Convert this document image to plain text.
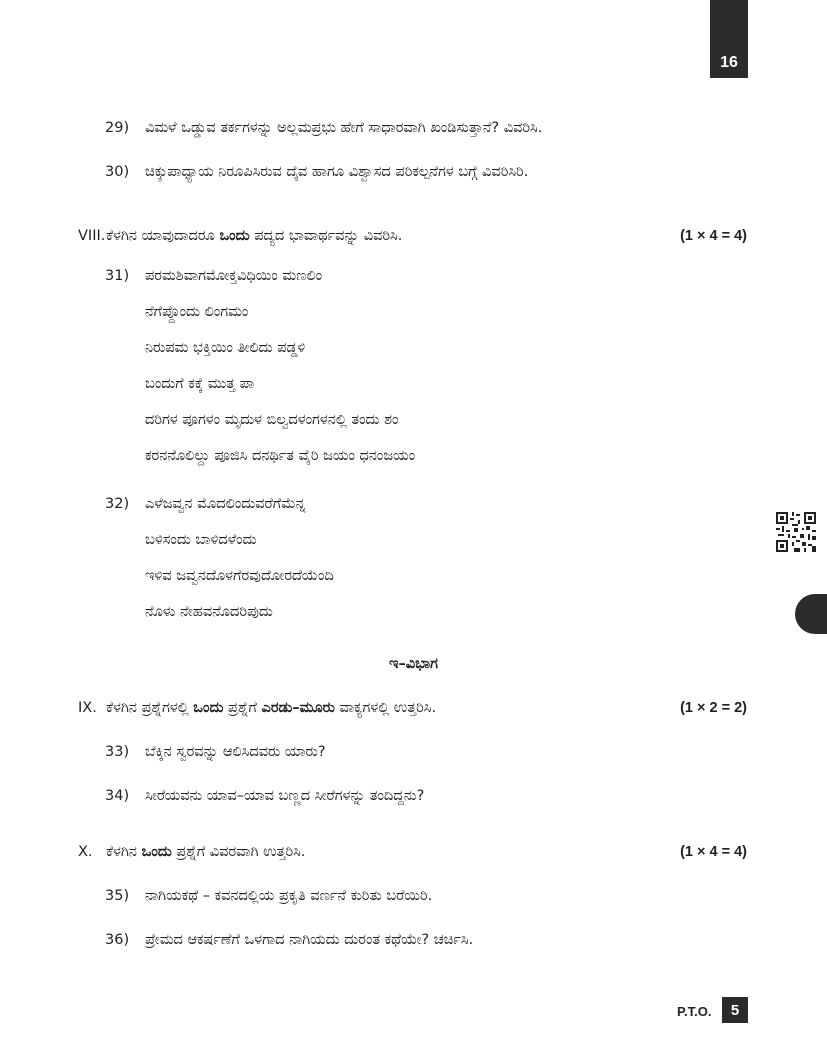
16
29) ವಿಮಳೆ ಒಡ್ಡುವ ತರ್ಕಗಳನ್ನು ಅಲ್ಲಮಪ್ರಭು ಹೇಗೆ ಸಾಧಾರವಾಗಿ ಖಂಡಿಸುತ್ತಾನೆ? ವಿವರಿಸಿ.
30) ಚಿಕ್ಕುಪಾಧ್ಯಾಯ ನಿರೂಪಿಸಿರುವ ದೈವ ಹಾಗೂ ವಿಶ್ವಾಸದ ಪರಿಕಲ್ಪನೆಗಳ ಬಗ್ಗೆ ವಿವರಿಸಿರಿ.
VIII. ಕೆಳಗಿನ ಯಾವುದಾದರೂ ಒಂದು ಪದ್ಯದ ಭಾವಾರ್ಥವನ್ನು ವಿವರಿಸಿ.	(1 × 4 = 4)
31) ಪರಮಶಿವಾಗಮೋಕ್ತವಿಧಿಯಿಂ ಮಣಲಿಂ
ನೆಗೆಪ್ದೊಂದು ಲಿಂಗಮಂ
ನಿರುಪಮ ಭಕ್ತಿಯಿಂ ತೀಲಿದು ಪಡ್ಡಳಿ
ಬಂದುಗೆ ಕಕ್ಕೆ ಮುತ್ತ ಪಾ
ದರಿಗಳ ಪೂಗಳಂ ಮೃದುಳ ಬಿಲ್ವದಳಂಗಳನಲ್ಲಿ ತಂದು ಶಂ
ಕರನನೊಲಿಲ್ದು ಪೂಜಿಸಿ ದನರ್ಥಿತ ವೈರಿ ಜಯಂ ಧನಂಜಯಂ
32) ಎಳೆಜವ್ವನ ಮೊದಲಿಂದುವರೆಗೆಮೆನ್ನ
ಬಳಿಸಂದು ಬಾಳಿದಳೆಂದು
ಇಳಿವ ಜವ್ವನದೊಳಗೆರವುದೋರದೆಯೆಂದಿ
ನೊಳು ನೇಹವನೊದರಿಪುದು
ಇ–ವಿಭಾಗ
IX. ಕೆಳಗಿನ ಪ್ರಶ್ನೆಗಳಲ್ಲಿ ಒಂದು ಪ್ರಶ್ನೆಗೆ ಎರಡು–ಮೂರು ವಾಕ್ಯಗಳಲ್ಲಿ ಉತ್ತರಿಸಿ.	(1 × 2 = 2)
33) ಬೆಕ್ಕಿನ ಸ್ವರವನ್ನು ಆಲಿಸಿದವರು ಯಾರು?
34) ಸೀರೆಯವನು ಯಾವ–ಯಾವ ಬಣ್ಣದ ಸೀರೆಗಳನ್ನು ತಂದಿದ್ದನು?
X. ಕೆಳಗಿನ ಒಂದು ಪ್ರಶ್ನೆಗೆ ವಿವರವಾಗಿ ಉತ್ತರಿಸಿ.	(1 × 4 = 4)
35) ನಾಗಿಯಕಥೆ – ಕವನದಲ್ಲಿಯ ಪ್ರಕೃತಿ ವರ್ಣನೆ ಕುರಿತು ಬರೆಯಿರಿ.
36) ಪ್ರೇಮದ ಆಕರ್ಷಣೆಗೆ ಒಳಗಾದ ನಾಗಿಯದು ದುರಂತ ಕಥೆಯೇ? ಚರ್ಚಿಸಿ.
P.T.O. 5
